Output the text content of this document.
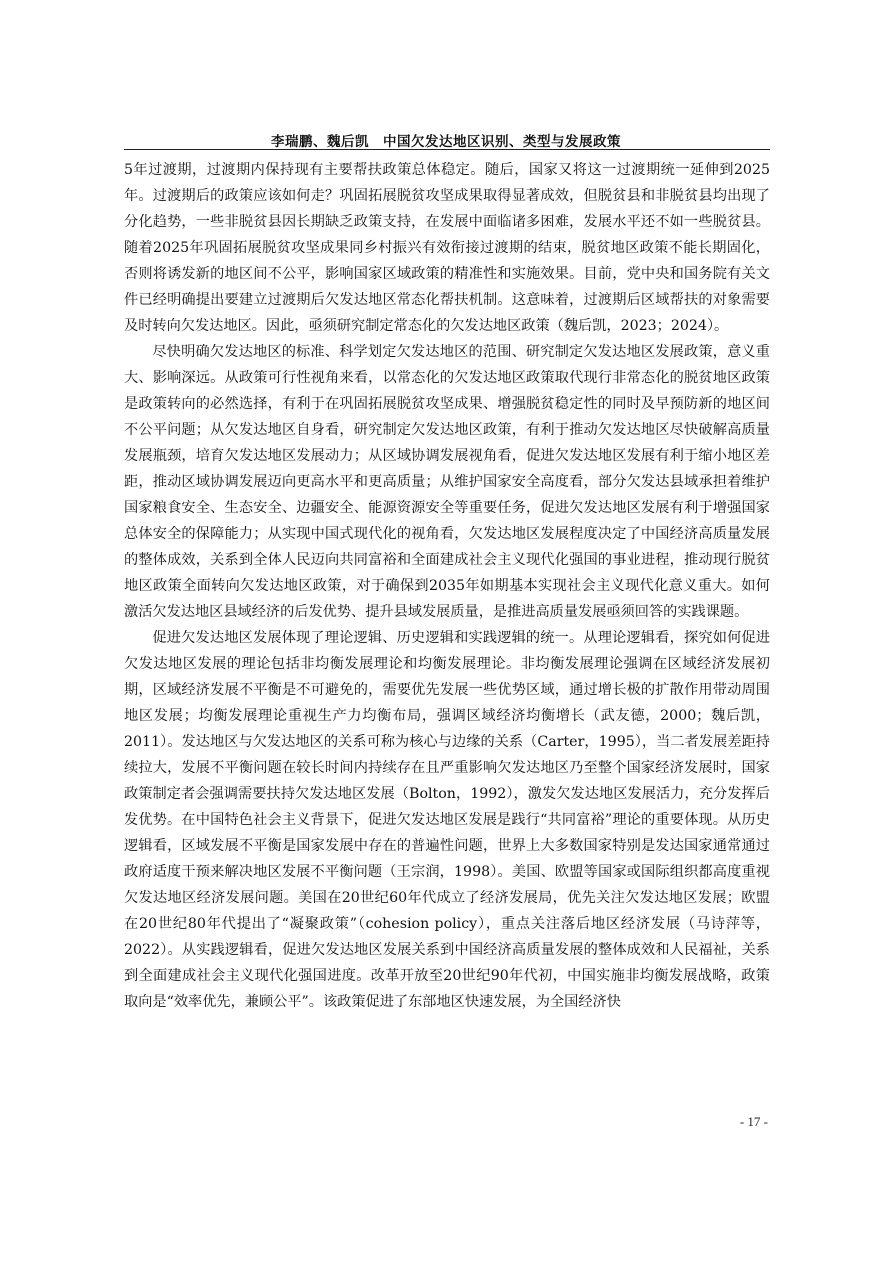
李瑞鹏、魏后凯　中国欠发达地区识别、类型与发展政策

5年过渡期，过渡期内保持现有主要帮扶政策总体稳定。随后，国家又将这一过渡期统一延伸到2025年。过渡期后的政策应该如何走？巩固拓展脱贫攻坚成果取得显著成效，但脱贫县和非脱贫县均出现了分化趋势，一些非脱贫县因长期缺乏政策支持，在发展中面临诸多困难，发展水平还不如一些脱贫县。随着2025年巩固拓展脱贫攻坚成果同乡村振兴有效衔接过渡期的结束，脱贫地区政策不能长期固化，否则将诱发新的地区间不公平，影响国家区域政策的精准性和实施效果。目前，党中央和国务院有关文件已经明确提出要建立过渡期后欠发达地区常态化帮扶机制。这意味着，过渡期后区域帮扶的对象需要及时转向欠发达地区。因此，亟须研究制定常态化的欠发达地区政策（魏后凯，2023；2024）。

尽快明确欠发达地区的标准、科学划定欠发达地区的范围、研究制定欠发达地区发展政策，意义重大、影响深远。从政策可行性视角来看，以常态化的欠发达地区政策取代现行非常态化的脱贫地区政策是政策转向的必然选择，有利于在巩固拓展脱贫攻坚成果、增强脱贫稳定性的同时及早预防新的地区间不公平问题；从欠发达地区自身看，研究制定欠发达地区政策，有利于推动欠发达地区尽快破解高质量发展瓶颈，培育欠发达地区发展动力；从区域协调发展视角看，促进欠发达地区发展有利于缩小地区差距，推动区域协调发展迈向更高水平和更高质量；从维护国家安全高度看，部分欠发达县域承担着维护国家粮食安全、生态安全、边疆安全、能源资源安全等重要任务，促进欠发达地区发展有利于增强国家总体安全的保障能力；从实现中国式现代化的视角看，欠发达地区发展程度决定了中国经济高质量发展的整体成效，关系到全体人民迈向共同富裕和全面建成社会主义现代化强国的事业进程，推动现行脱贫地区政策全面转向欠发达地区政策，对于确保到2035年如期基本实现社会主义现代化意义重大。如何激活欠发达地区县域经济的后发优势、提升县域发展质量，是推进高质量发展亟须回答的实践课题。

促进欠发达地区发展体现了理论逻辑、历史逻辑和实践逻辑的统一。从理论逻辑看，探究如何促进欠发达地区发展的理论包括非均衡发展理论和均衡发展理论。非均衡发展理论强调在区域经济发展初期，区域经济发展不平衡是不可避免的，需要优先发展一些优势区域，通过增长极的扩散作用带动周围地区发展；均衡发展理论重视生产力均衡布局，强调区域经济均衡增长（武友德，2000；魏后凯，2011）。发达地区与欠发达地区的关系可称为核心与边缘的关系（Carter，1995），当二者发展差距持续拉大，发展不平衡问题在较长时间内持续存在且严重影响欠发达地区乃至整个国家经济发展时，国家政策制定者会强调需要扶持欠发达地区发展（Bolton，1992），激发欠发达地区发展活力，充分发挥后发优势。在中国特色社会主义背景下，促进欠发达地区发展是践行“共同富裕”理论的重要体现。从历史逻辑看，区域发展不平衡是国家发展中存在的普遍性问题，世界上大多数国家特别是发达国家通常通过政府适度干预来解决地区发展不平衡问题（王宗润，1998）。美国、欧盟等国家或国际组织都高度重视欠发达地区经济发展问题。美国在20世纪60年代成立了经济发展局，优先关注欠发达地区发展；欧盟在20世纪80年代提出了“凝聚政策”（cohesion policy），重点关注落后地区经济发展（马诗萍等，2022）。从实践逻辑看，促进欠发达地区发展关系到中国经济高质量发展的整体成效和人民福祉，关系到全面建成社会主义现代化强国进度。改革开放至20世纪90年代初，中国实施非均衡发展战略，政策取向是“效率优先，兼顾公平”。该政策促进了东部地区快速发展，为全国经济快

- 17 -
